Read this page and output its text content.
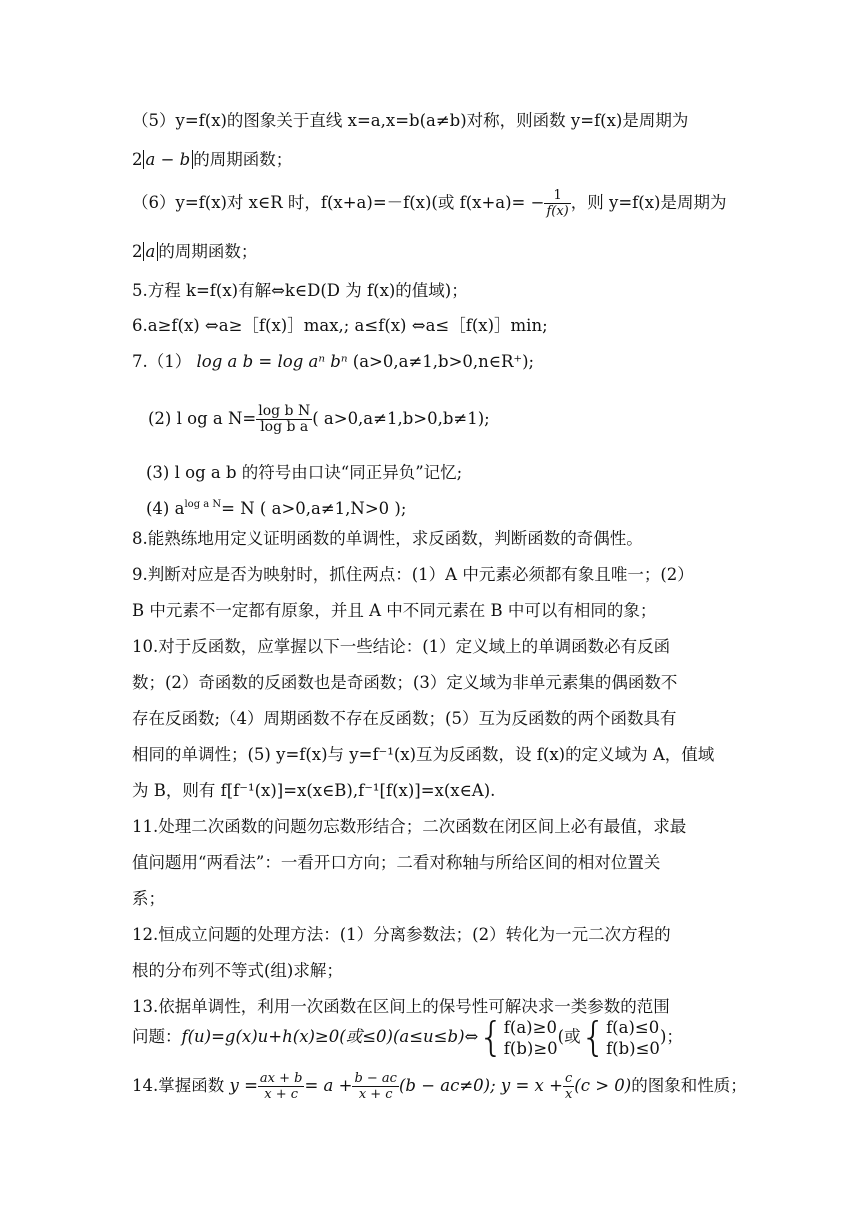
（5）y=f(x)的图象关于直线 x=a,x=b(a≠b)对称，则函数 y=f(x)是周期为
2 a − b 的周期函数；
（6）y=f(x)对 x∈R 时，f(x+a)=－f(x)(或 $f(x+a)= - \frac{1}{f(x)}$ ，则 y=f(x)是周期为
2 a 的周期函数；
5.方程 k=f(x)有解⇔k∈D(D 为 f(x)的值域)；
6.a≥f(x) ⇔a≥［f(x)］max,; a≤f(x) ⇔a≤［f(x)］min;
7.（1） log a b = log aⁿ bⁿ (a>0,a≠1,b>0,n∈R⁺);
(2) l og a $N= \frac{\text{log b N}}{\text{log b a}}$ ( a>0,a≠1,b>0,b≠1);
(3) l og a b 的符号由口诀“同正异负”记忆;
(4) $a^{log a N}= N$ ( a>0,a≠1,N>0 );
8.能熟练地用定义证明函数的单调性，求反函数，判断函数的奇偶性。
9.判断对应是否为映射时，抓住两点：(1）A 中元素必须都有象且唯一；(2）
B 中元素不一定都有原象，并且 A 中不同元素在 B 中可以有相同的象；
10.对于反函数，应掌握以下一些结论：(1）定义域上的单调函数必有反函
数；(2）奇函数的反函数也是奇函数；(3）定义域为非单元素集的偶函数不
存在反函数;（4）周期函数不存在反函数；(5）互为反函数的两个函数具有
相同的单调性；(5) y=f(x)与 y=f⁻¹(x)互为反函数，设 f(x)的定义域为 A，值域
为 B，则有 f[f⁻¹(x)]=x(x∈B),f⁻¹[f(x)]=x(x∈A).
11.处理二次函数的问题勿忘数形结合；二次函数在闭区间上必有最值，求最
值问题用“两看法”：一看开口方向；二看对称轴与所给区间的相对位置关
系；
12.恒成立问题的处理方法：(1）分离参数法；(2）转化为一元二次方程的
根的分布列不等式(组)求解；
13.依据单调性，利用一次函数在区间上的保号性可解决求一类参数的范围
问题：f(u)=g(x)u+h(x)≥0(或≤0)(a≤u≤b)⇔{ f(a)≥0
f(b)≥0
(或{ f(a)≤0
f(b)≤0
)；
14.掌握函数 $y = \frac{ax + b}{x + c} = a + \frac{b - ac}{x + c} (b - ac\ne 0)$; $y = x + \frac{c}{x} (c > 0)$的图象和性质；
